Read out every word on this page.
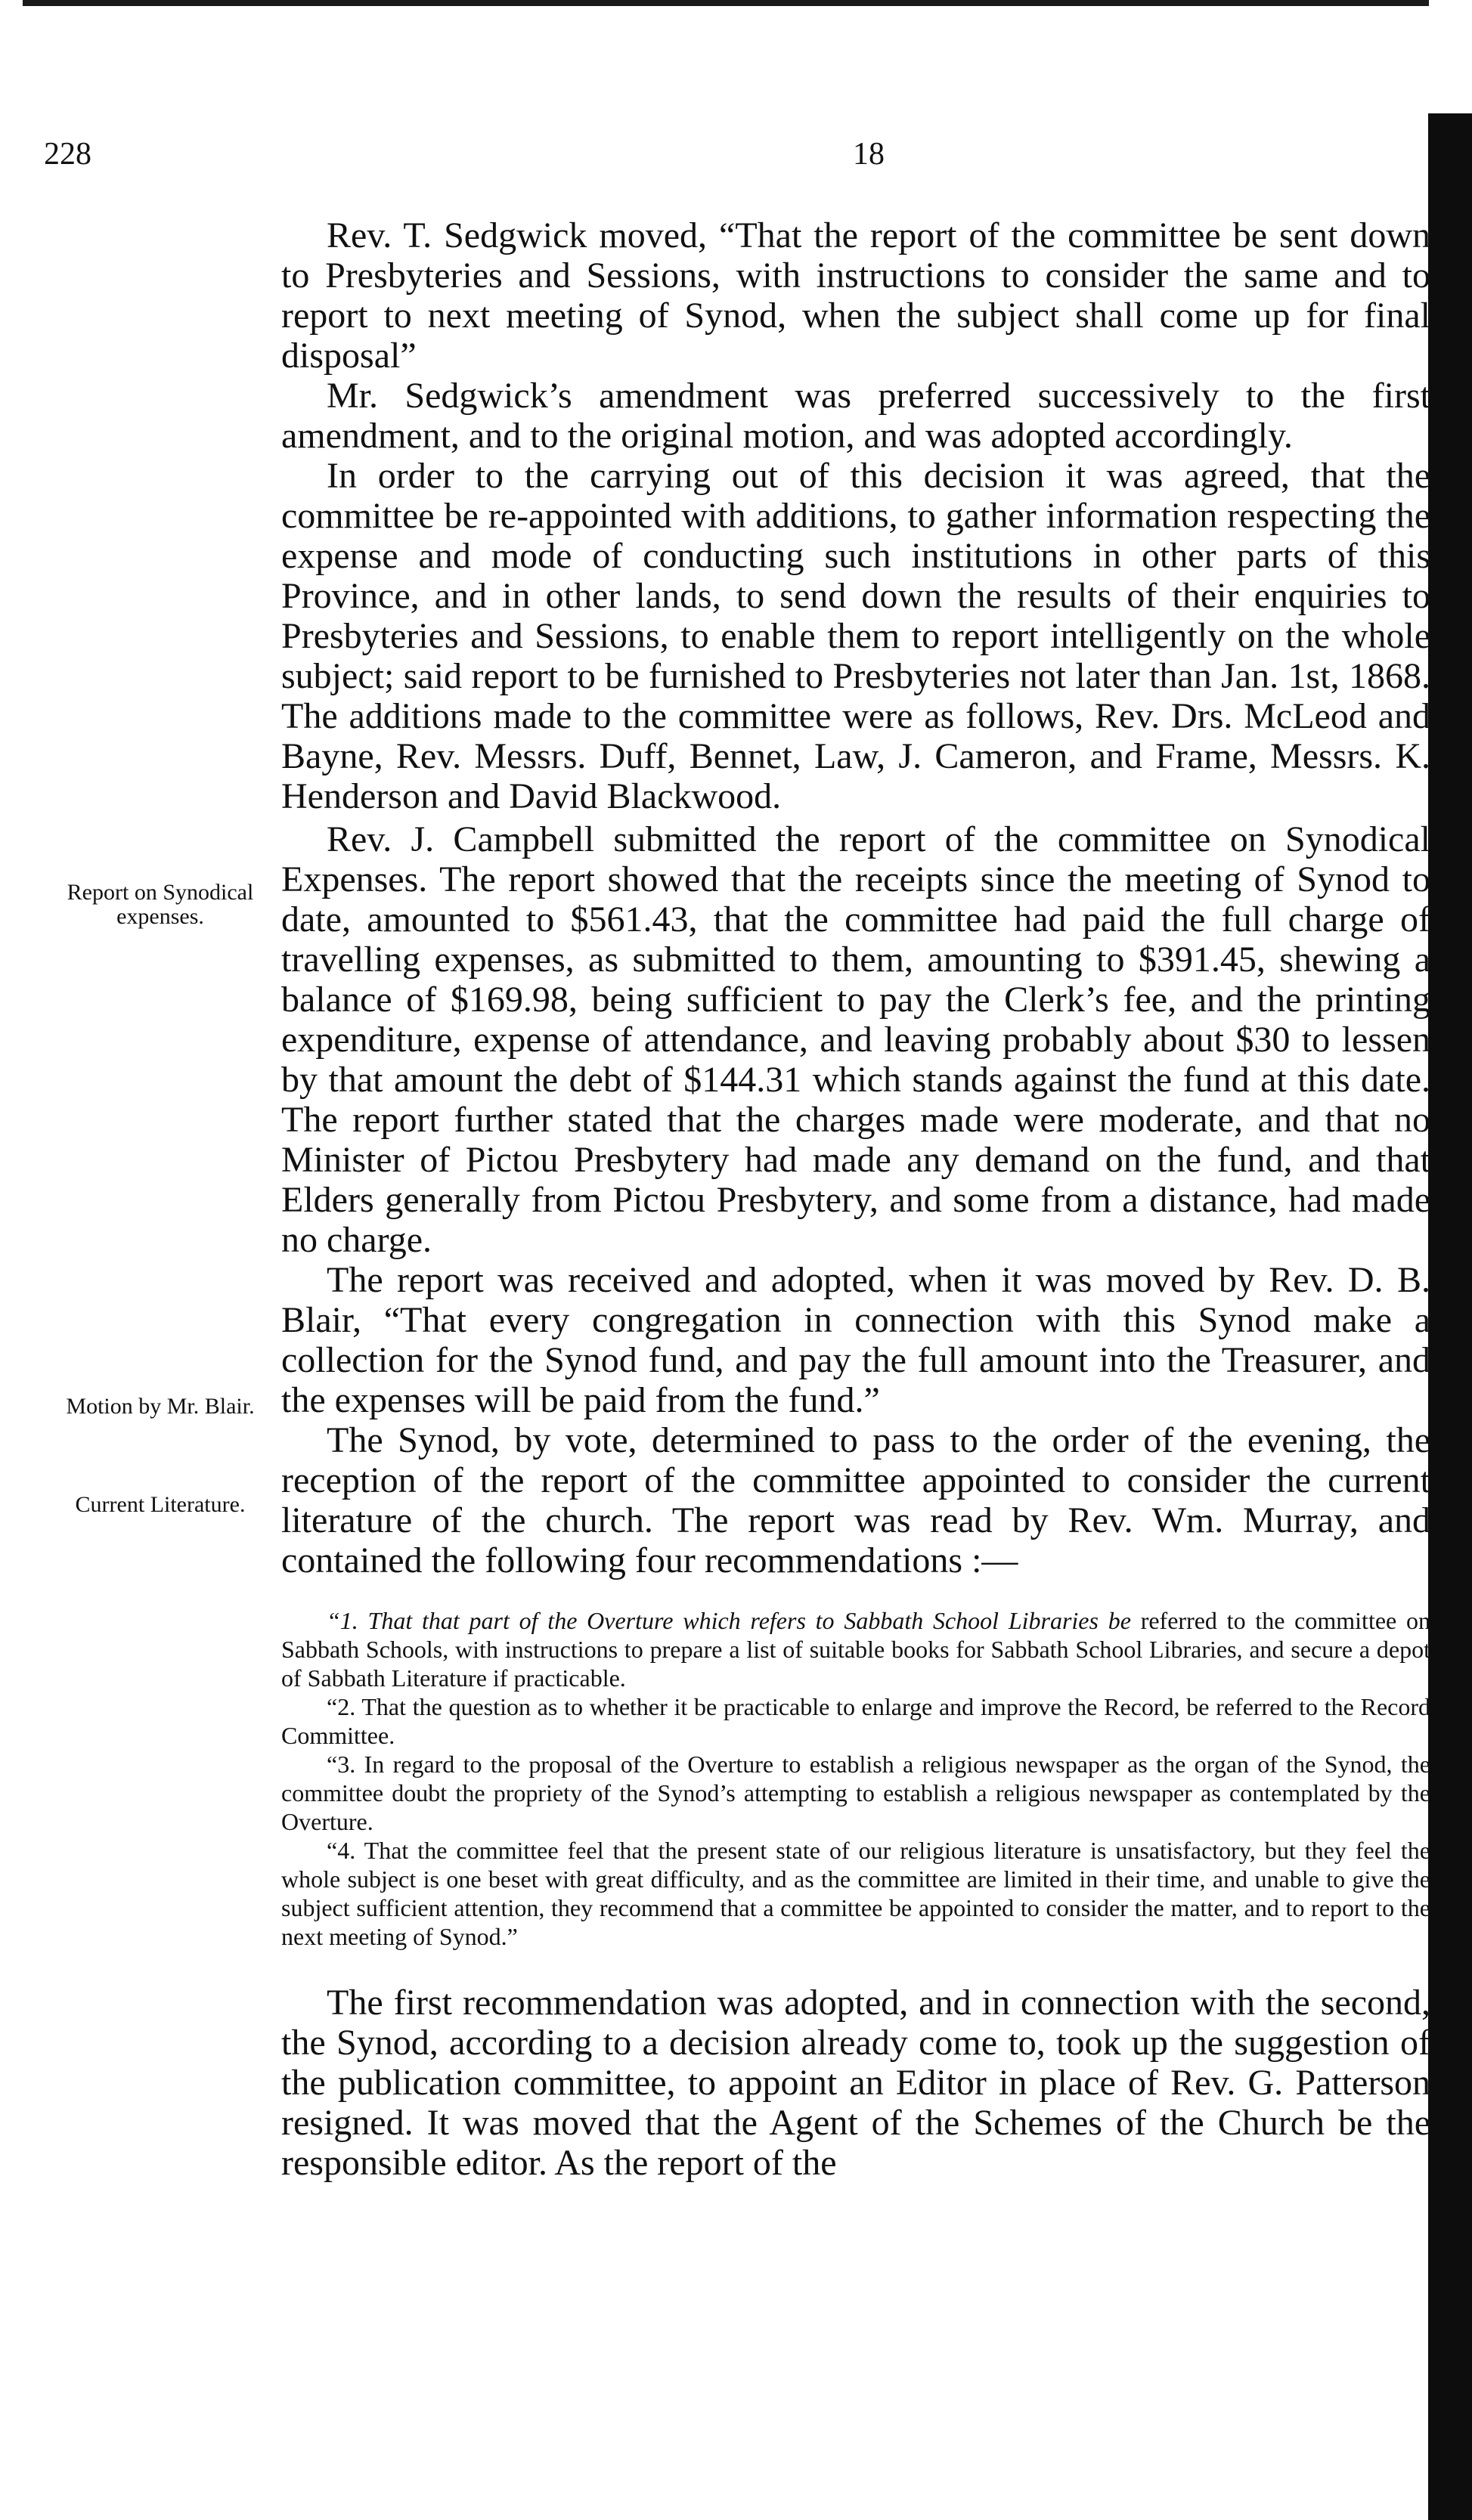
228	18
Report on Synodical expenses.
Motion by Mr. Blair.
Current Literature.

Rev. T. Sedgwick moved, “That the report of the committee be sent down to Presbyteries and Sessions, with instructions to consider the same and to report to next meeting of Synod, when the subject shall come up for final disposal”

Mr. Sedgwick’s amendment was preferred successively to the first amendment, and to the original motion, and was adopted accordingly.

In order to the carrying out of this decision it was agreed, that the committee be re-appointed with additions, to gather information respecting the expense and mode of conducting such institutions in other parts of this Province, and in other lands, to send down the results of their enquiries to Presbyteries and Sessions, to enable them to report intelligently on the whole subject; said report to be furnished to Presbyteries not later than Jan. 1st, 1868. The additions made to the committee were as follows, Rev. Drs. McLeod and Bayne, Rev. Messrs. Duff, Bennet, Law, J. Cameron, and Frame, Messrs. K. Henderson and David Blackwood.

Rev. J. Campbell submitted the report of the committee on Synodical Expenses. The report showed that the receipts since the meeting of Synod to date, amounted to $561.43, that the committee had paid the full charge of travelling expenses, as submitted to them, amounting to $391.45, shewing a balance of $169.98, being sufficient to pay the Clerk’s fee, and the printing expenditure, expense of attendance, and leaving probably about $30 to lessen by that amount the debt of $144.31 which stands against the fund at this date. The report further stated that the charges made were moderate, and that no Minister of Pictou Presbytery had made any demand on the fund, and that Elders generally from Pictou Presbytery, and some from a distance, had made no charge.

The report was received and adopted, when it was moved by Rev. D. B. Blair, “That every congregation in connection with this Synod make a collection for the Synod fund, and pay the full amount into the Treasurer, and the expenses will be paid from the fund.”

The Synod, by vote, determined to pass to the order of the evening, the reception of the report of the committee appointed to consider the current literature of the church. The report was read by Rev. Wm. Murray, and contained the following four recommendations :—

“1. That that part of the Overture which refers to Sabbath School Libraries be referred to the committee on Sabbath Schools, with instructions to prepare a list of suitable books for Sabbath School Libraries, and secure a depot of Sabbath Literature if practicable.

“2. That the question as to whether it be practicable to enlarge and improve the Record, be referred to the Record Committee.

“3. In regard to the proposal of the Overture to establish a religious newspaper as the organ of the Synod, the committee doubt the propriety of the Synod’s attempting to establish a religious newspaper as contemplated by the Overture.

“4. That the committee feel that the present state of our religious literature is unsatisfactory, but they feel the whole subject is one beset with great difficulty, and as the committee are limited in their time, and unable to give the subject sufficient attention, they recommend that a committee be appointed to consider the matter, and to report to the next meeting of Synod.”

The first recommendation was adopted, and in connection with the second, the Synod, according to a decision already come to, took up the suggestion of the publication committee, to appoint an Editor in place of Rev. G. Patterson resigned. It was moved that the Agent of the Schemes of the Church be the responsible editor. As the report of the
